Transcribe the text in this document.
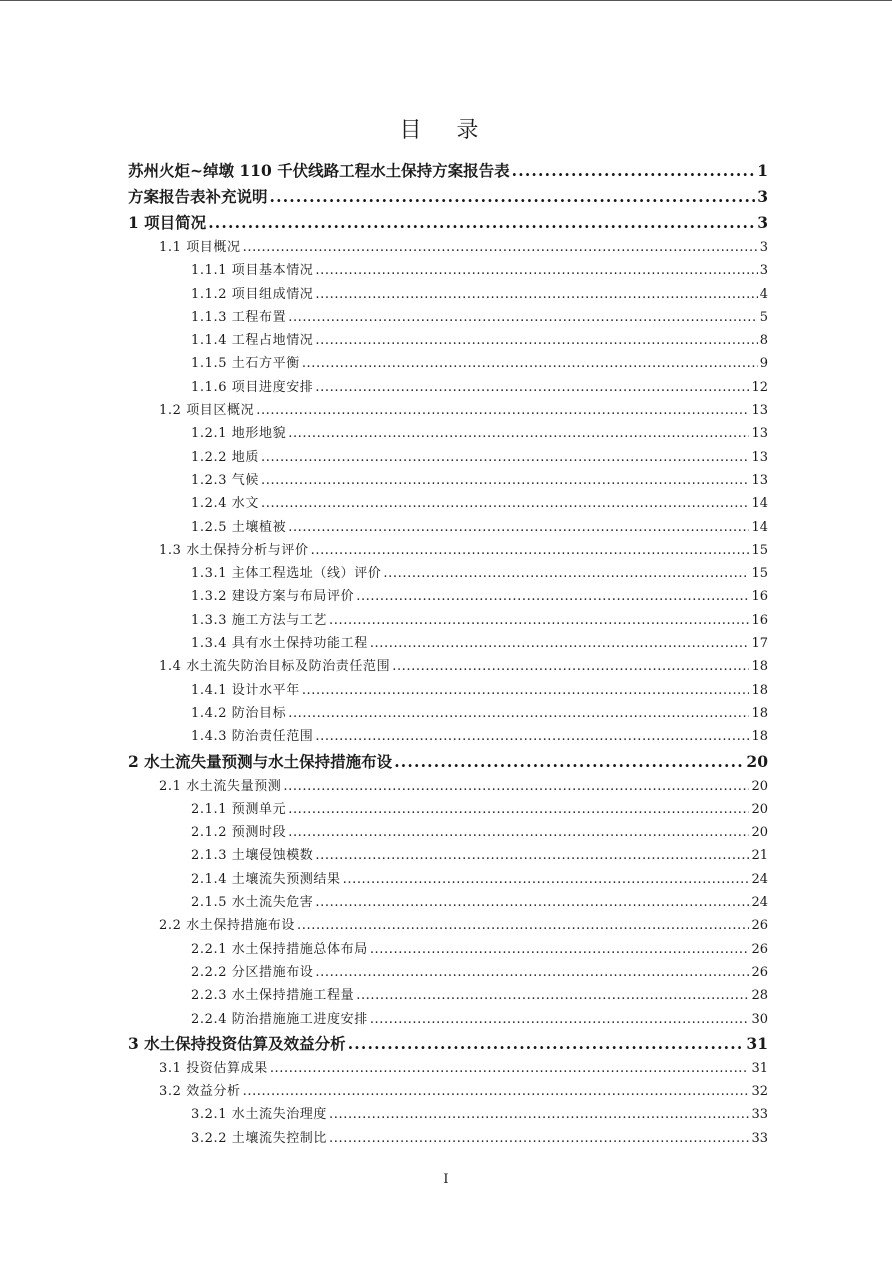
目 录
苏州火炬~绰墩 110 千伏线路工程水土保持方案报告表 .....	1
方案报告表补充说明 .....	3
1 项目简况 .....	3
1.1 项目概况 .....	3
1.1.1 项目基本情况 .....	3
1.1.2 项目组成情况 .....	4
1.1.3 工程布置 .....	5
1.1.4 工程占地情况 .....	8
1.1.5 土石方平衡 .....	9
1.1.6 项目进度安排 .....	12
1.2 项目区概况 .....	13
1.2.1 地形地貌 .....	13
1.2.2 地质 .....	13
1.2.3 气候 .....	13
1.2.4 水文 .....	14
1.2.5 土壤植被 .....	14
1.3 水土保持分析与评价 .....	15
1.3.1 主体工程选址（线）评价 .....	15
1.3.2 建设方案与布局评价 .....	16
1.3.3 施工方法与工艺 .....	16
1.3.4 具有水土保持功能工程 .....	17
1.4 水土流失防治目标及防治责任范围 .....	18
1.4.1 设计水平年 .....	18
1.4.2 防治目标 .....	18
1.4.3 防治责任范围 .....	18
2 水土流失量预测与水土保持措施布设 .....	20
2.1 水土流失量预测 .....	20
2.1.1 预测单元 .....	20
2.1.2 预测时段 .....	20
2.1.3 土壤侵蚀模数 .....	21
2.1.4 土壤流失预测结果 .....	24
2.1.5 水土流失危害 .....	24
2.2 水土保持措施布设 .....	26
2.2.1 水土保持措施总体布局 .....	26
2.2.2 分区措施布设 .....	26
2.2.3 水土保持措施工程量 .....	28
2.2.4 防治措施施工进度安排 .....	30
3 水土保持投资估算及效益分析 .....	31
3.1 投资估算成果 .....	31
3.2 效益分析 .....	32
3.2.1 水土流失治理度 .....	33
3.2.2 土壤流失控制比 .....	33
I
